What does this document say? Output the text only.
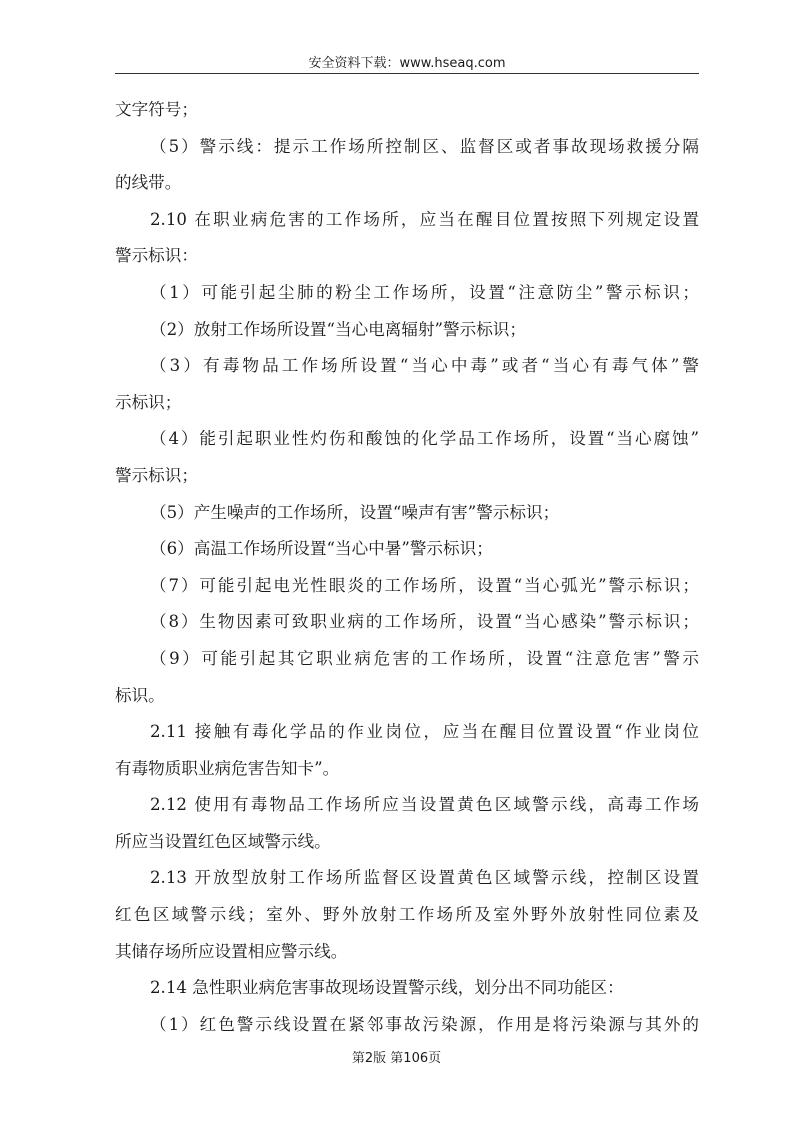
安全资料下载：www.hseaq.com
文字符号；
（5）警示线：提示工作场所控制区、监督区或者事故现场救援分隔
的线带。
2.10 在职业病危害的工作场所，应当在醒目位置按照下列规定设置
警示标识：
（1）可能引起尘肺的粉尘工作场所，设置“注意防尘”警示标识；
（2）放射工作场所设置“当心电离辐射”警示标识；
（3）有毒物品工作场所设置“当心中毒”或者“当心有毒气体”警
示标识；
（4）能引起职业性灼伤和酸蚀的化学品工作场所，设置“当心腐蚀”
警示标识；
（5）产生噪声的工作场所，设置“噪声有害”警示标识；
（6）高温工作场所设置“当心中暑”警示标识；
（7）可能引起电光性眼炎的工作场所，设置“当心弧光”警示标识；
（8）生物因素可致职业病的工作场所，设置“当心感染”警示标识；
（9）可能引起其它职业病危害的工作场所，设置“注意危害”警示
标识。
2.11 接触有毒化学品的作业岗位，应当在醒目位置设置“作业岗位
有毒物质职业病危害告知卡”。
2.12 使用有毒物品工作场所应当设置黄色区域警示线，高毒工作场
所应当设置红色区域警示线。
2.13 开放型放射工作场所监督区设置黄色区域警示线，控制区设置
红色区域警示线；室外、野外放射工作场所及室外野外放射性同位素及
其储存场所应设置相应警示线。
2.14 急性职业病危害事故现场设置警示线，划分出不同功能区：
（1）红色警示线设置在紧邻事故污染源，作用是将污染源与其外的
第2版 第106页
